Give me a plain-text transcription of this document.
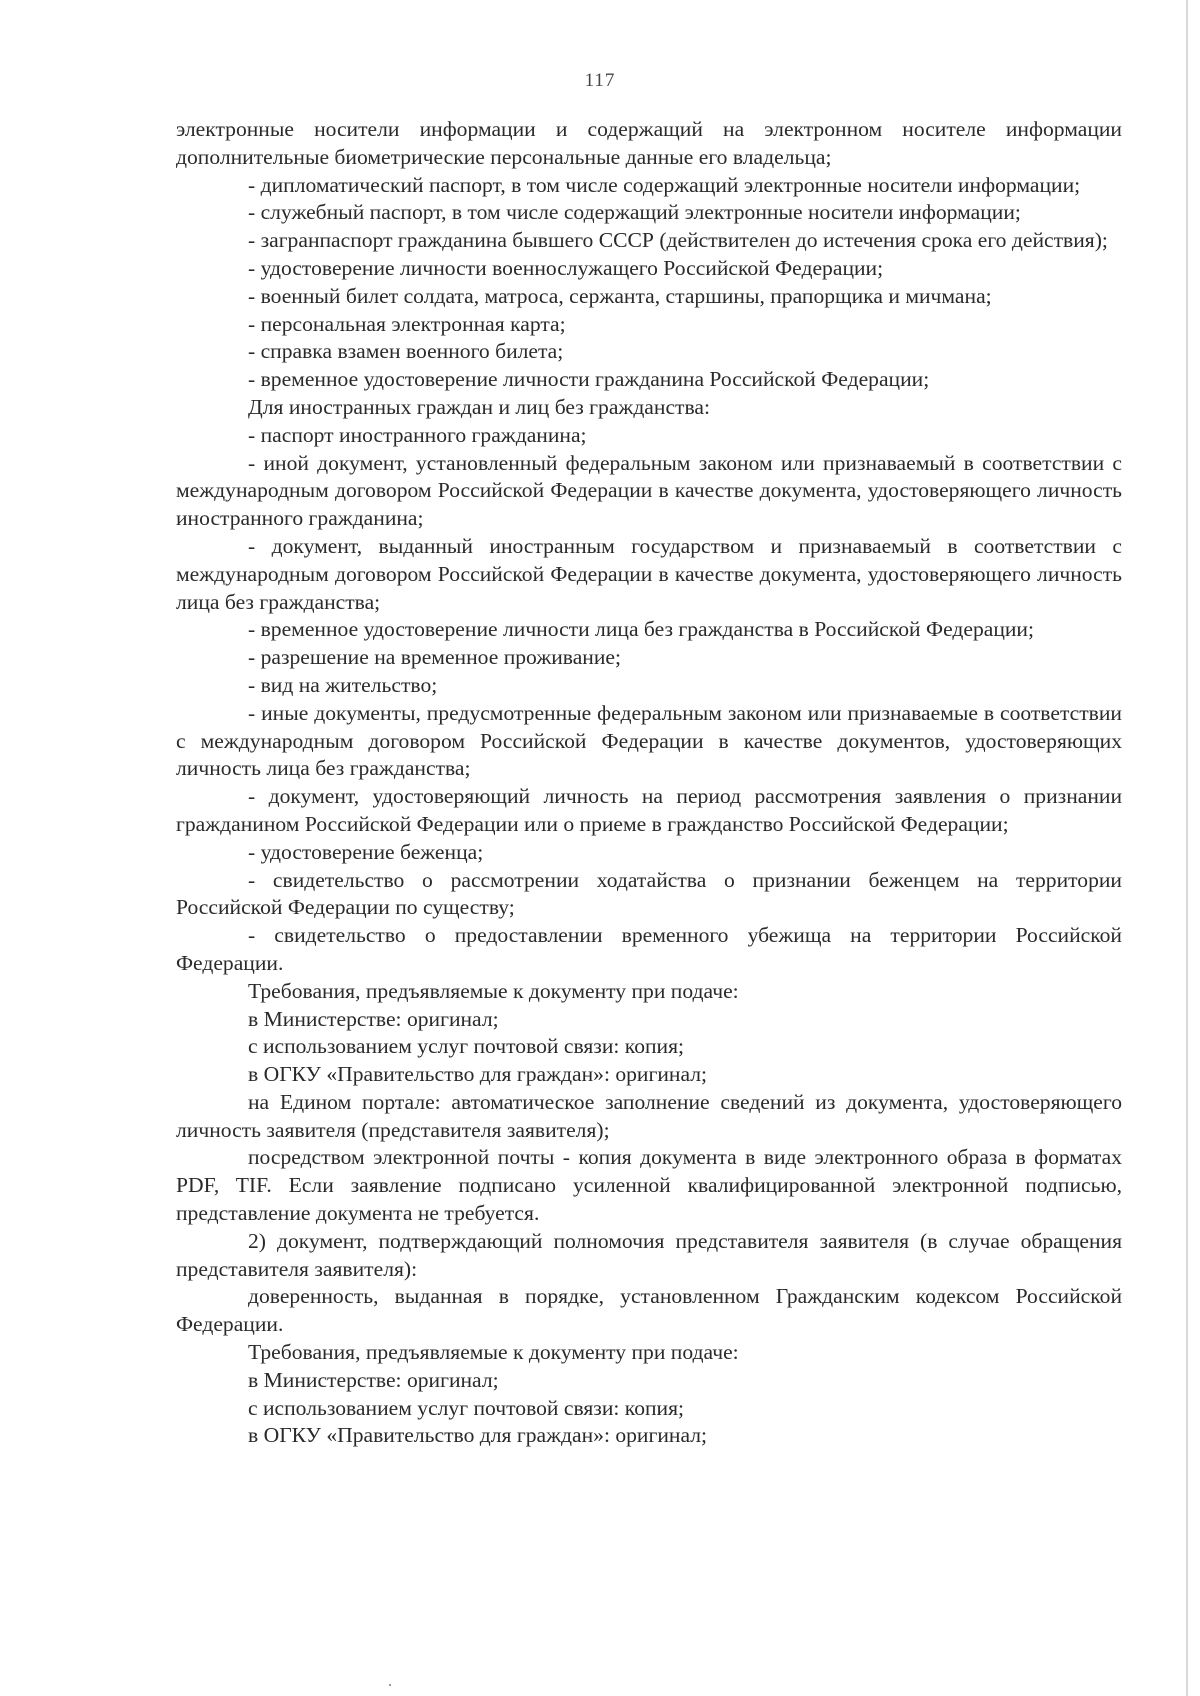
117

электронные носители информации и содержащий на электронном носителе информации дополнительные биометрические персональные данные его владельца;

- дипломатический паспорт, в том числе содержащий электронные носители информации;

- служебный паспорт, в том числе содержащий электронные носители информации;

- загранпаспорт гражданина бывшего СССР (действителен до истечения срока его действия);

- удостоверение личности военнослужащего Российской Федерации;

- военный билет солдата, матроса, сержанта, старшины, прапорщика и мичмана;

- персональная электронная карта;

- справка взамен военного билета;

- временное удостоверение личности гражданина Российской Федерации;

Для иностранных граждан и лиц без гражданства:

- паспорт иностранного гражданина;

- иной документ, установленный федеральным законом или признаваемый в соответствии с международным договором Российской Федерации в качестве документа, удостоверяющего личность иностранного гражданина;

- документ, выданный иностранным государством и признаваемый в соответствии с международным договором Российской Федерации в качестве документа, удостоверяющего личность лица без гражданства;

- временное удостоверение личности лица без гражданства в Российской Федерации;

- разрешение на временное проживание;

- вид на жительство;

- иные документы, предусмотренные федеральным законом или признаваемые в соответствии с международным договором Российской Федерации в качестве документов, удостоверяющих личность лица без гражданства;

- документ, удостоверяющий личность на период рассмотрения заявления о признании гражданином Российской Федерации или о приеме в гражданство Российской Федерации;

- удостоверение беженца;

- свидетельство о рассмотрении ходатайства о признании беженцем на территории Российской Федерации по существу;

- свидетельство о предоставлении временного убежища на территории Российской Федерации.

Требования, предъявляемые к документу при подаче:

в Министерстве: оригинал;

с использованием услуг почтовой связи: копия;

в ОГКУ «Правительство для граждан»: оригинал;

на Едином портале: автоматическое заполнение сведений из документа, удостоверяющего личность заявителя (представителя заявителя);

посредством электронной почты - копия документа в виде электронного образа в форматах PDF, TIF. Если заявление подписано усиленной квалифицированной электронной подписью, представление документа не требуется.

2) документ, подтверждающий полномочия представителя заявителя (в случае обращения представителя заявителя):

доверенность, выданная в порядке, установленном Гражданским кодексом Российской Федерации.

Требования, предъявляемые к документу при подаче:

в Министерстве: оригинал;

с использованием услуг почтовой связи: копия;

в ОГКУ «Правительство для граждан»: оригинал;
